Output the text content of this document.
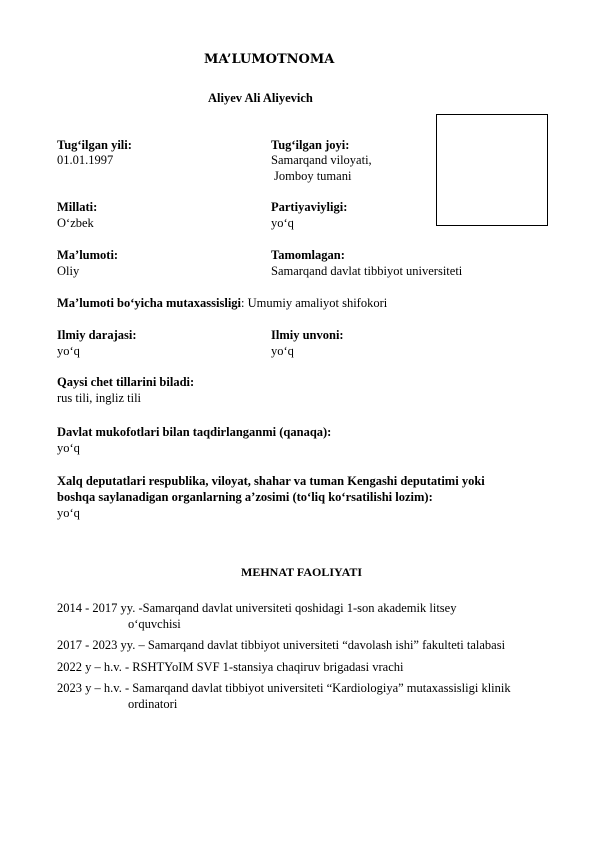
MA’LUMOTNOMA
Aliyev Ali Aliyevich
Tug‘ilgan yili:
01.01.1997
Tug‘ilgan joyi:
Samarqand viloyati,
Jomboy tumani
Millati:
O‘zbek
Partiyaviyligi:
yo‘q
Ma’lumoti:
Oliy
Tamomlagan:
Samarqand davlat tibbiyot universiteti
Ma’lumoti bo‘yicha mutaxassisligi: Umumiy amaliyot shifokori
Ilmiy darajasi:
yo‘q
Ilmiy unvoni:
yo‘q
Qaysi chet tillarini biladi:
rus tili, ingliz tili
Davlat mukofotlari bilan taqdirlanganmi (qanaqa):
yo‘q
Xalq deputatlari respublika, viloyat, shahar va tuman Kengashi deputatimi yoki
boshqa saylanadigan organlarning a’zosimi (to‘liq ko‘rsatilishi lozim):
yo‘q
MEHNAT FAOLIYATI
2014 - 2017 yy. -Samarqand davlat universiteti qoshidagi 1-son akademik litsey
o‘quvchisi
2017 - 2023 yy. – Samarqand davlat tibbiyot universiteti “davolash ishi” fakulteti talabasi
2022 y – h.v. - RSHTYoIM SVF 1-stansiya chaqiruv brigadasi vrachi
2023 y – h.v. - Samarqand davlat tibbiyot universiteti “Kardiologiya” mutaxassisligi klinik
ordinatori
